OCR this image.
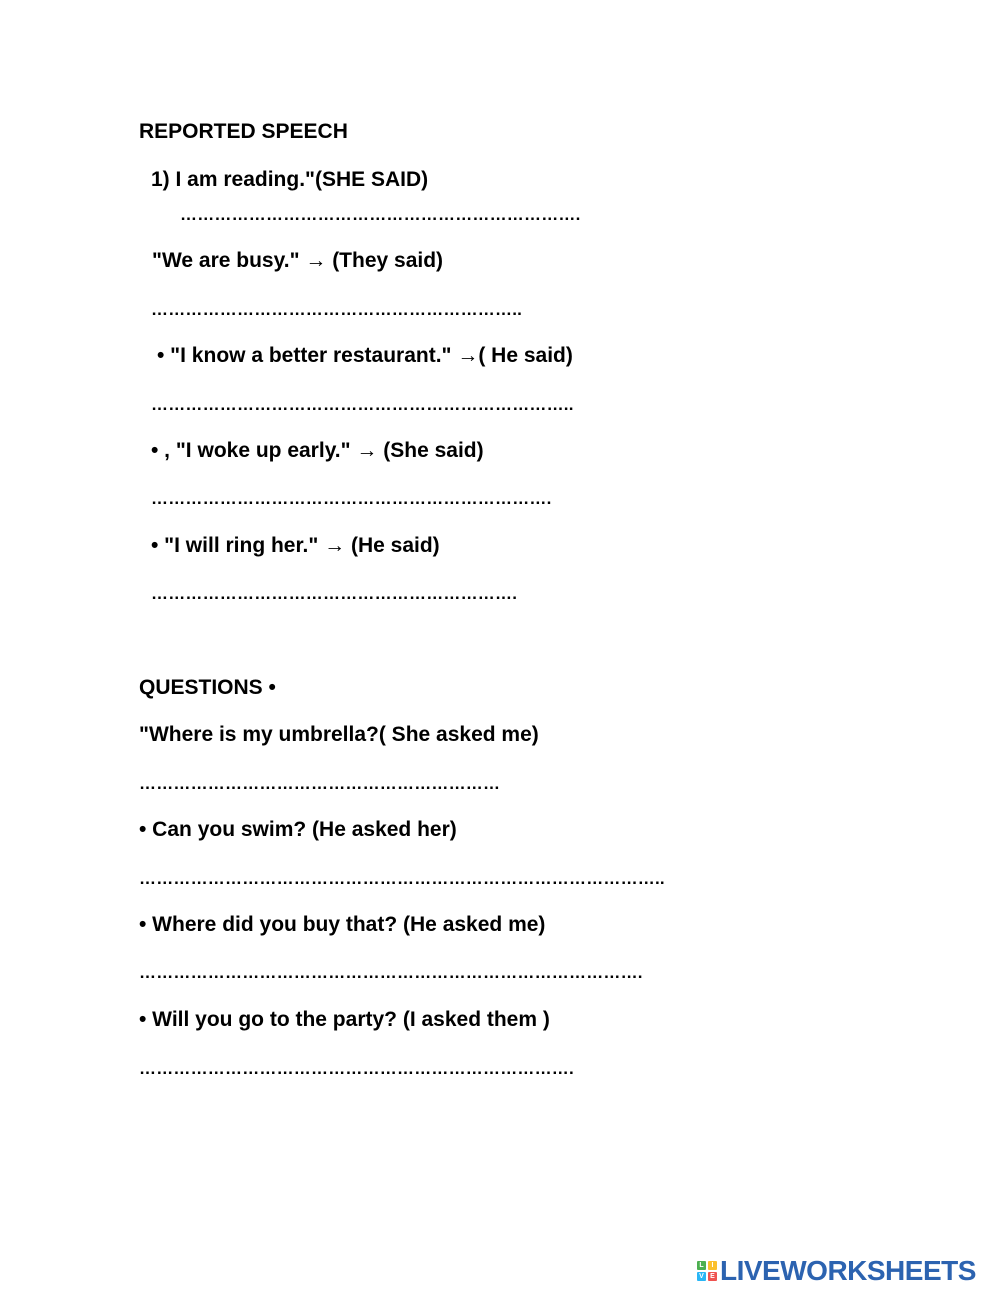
REPORTED SPEECH
1) I am reading."(SHE SAID)
…………………………………………………………….
"We are busy." → (They said)
………………………………………………………..
• "I know a better restaurant." →( He said)
………………………………………………………………..
• , "I woke up early." → (She said)
…………………………………………………………….
• "I will ring her." → (He said)
……………………………………………………….
QUESTIONS •
"Where is my umbrella?( She asked me)
………………………………………………………
• Can you swim? (He asked her)
………………………………………………………………………………..
• Where did you buy that? (He asked me)
…………………………………………………………………………….
• Will you go to the party? (I asked them )
………………………………………………………………….
L	I
V E LIVEWORKSHEETS
